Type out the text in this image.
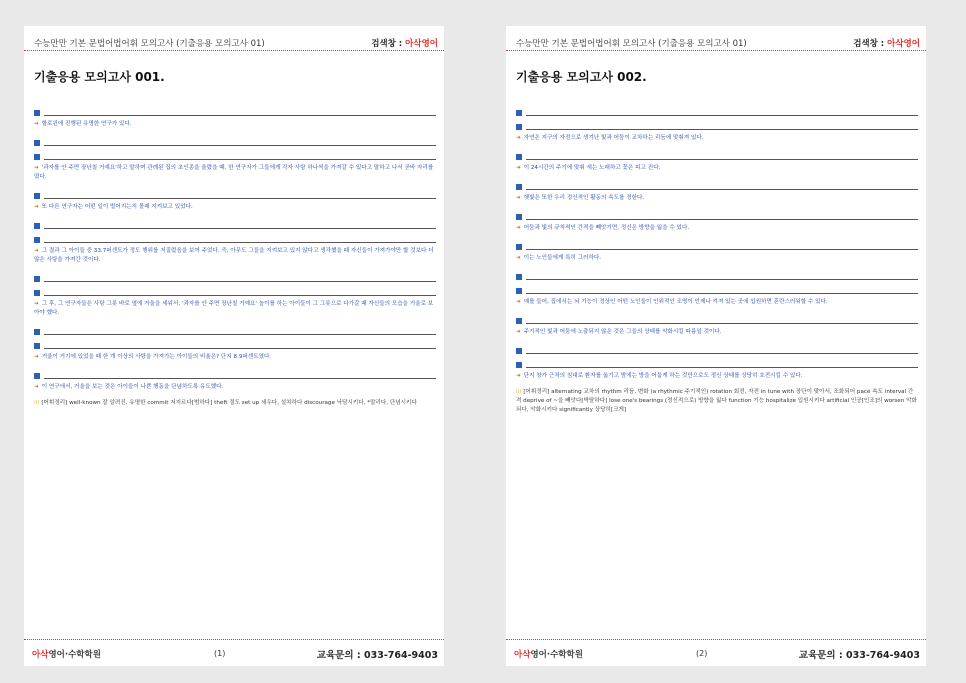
수능만만 기본 문법어법어휘 모의고사 (기출응용 모의고사 01)	검색창 : 아삭영어
기출응용 모의고사 001.
➜ 할로윈에 진행된 유명한 연구가 있다.
➜ '과자를 안 주면 장난칠 거예요'하고 말하며 관례된 집의 초인종을 울렸을 때, 한 연구자가 그들에게 각자 사탕 하나씩을 가져갈 수 있다고 말하고 나서 곧바 자리를 떴다.
➜ 또 다른 연구자는 어떤 일이 벌어지는지 몰래 지켜보고 있었다.
➜ 그 결과 그 아이들 중 33.7퍼센트가 정도 행위를 저질렀음을 보여 주었다. 즉, 아무도 그들을 지켜보고 있지 않다고 생각했을 때 자신들이 가져가야만 할 것보다 더 많은 사탕을 가져간 것이다.
➜ 그 후, 그 연구자들은 사탕 그릇 바로 옆에 거울을 세워서, '과자를 안 주면 장난칠 거예요' 놀이를 하는 아이들이 그 그릇으로 다가갈 때 자신들의 모습을 거울로 보아야 했다.
➜ 거울이 거기에 있었을 때 한 개 이상의 사탕을 가져가는 아이들의 비율은? 단지 8.9퍼센트였다.
➜ 이 연구에서, 거울을 보는 것은 아이들이 나쁜 행동을 단념하도록 유도했다.
⁞⁞⁞ [어휘정리] well-known 잘 알려진, 유명한 commit 저지르다[범하다] theft 절도 set up 세우다, 설치하다 discourage 낙담시키다, *말리다, 단념시키다
아삭영어·수학학원	(1)	교육문의 : 033-764-9403
수능만만 기본 문법어법어휘 모의고사 (기출응용 모의고사 01)	검색창 : 아삭영어
기출응용 모의고사 002.
➜ 자연은 지구의 자전으로 생겨난 빛과 어둠이 교차하는 리듬에 맞춰져 있다.
➜ 이 24시간의 주기에 맞춰 새는 노래하고 꽃은 피고 진다.
➜ 햇빛은 또한 우리 정신적인 활동의 속도를 정한다.
➜ 어둠과 빛의 규칙적인 간격을 빼앗기면, 정신은 방향을 잃을 수 있다.
➜ 이는 노인들에게 특히 그러하다.
➜ 예를 들어, 집에서는 뇌 기능이 정상인 어떤 노인들이 인위적인 조명이 언제나 켜져 있는 곳에 입원하면 혼란스러워할 수 있다.
➜ 주기적인 빛과 어둠에 노출되지 않은 것은 그들의 상태를 악화시킬 따름일 것이다.
➜ 단지 창가 근처의 침대로 환자를 옮기고 밤에는 방을 어둡게 하는 것만으로도 정신 상태를 상당히 호전시킬 수 있다.
⁞⁞⁞ [어휘정리] alternating 교차의 rhythm 리듬, 변화 (a rhythmic 주기적인) rotation 회전, 자전 in tune with 장단이 맞아서, 조화되어 pace 속도 interval 간격 deprive of ~을 빼앗다[박탈하다] lose one's bearings (정신적으로) 방향을 잃다 function 기능 hospitalize 입원시키다 artificial 인공[인조]의 worsen 악화되다, 악화시키다 significantly 상당히[크게]
아삭영어·수학학원	(2)	교육문의 : 033-764-9403
